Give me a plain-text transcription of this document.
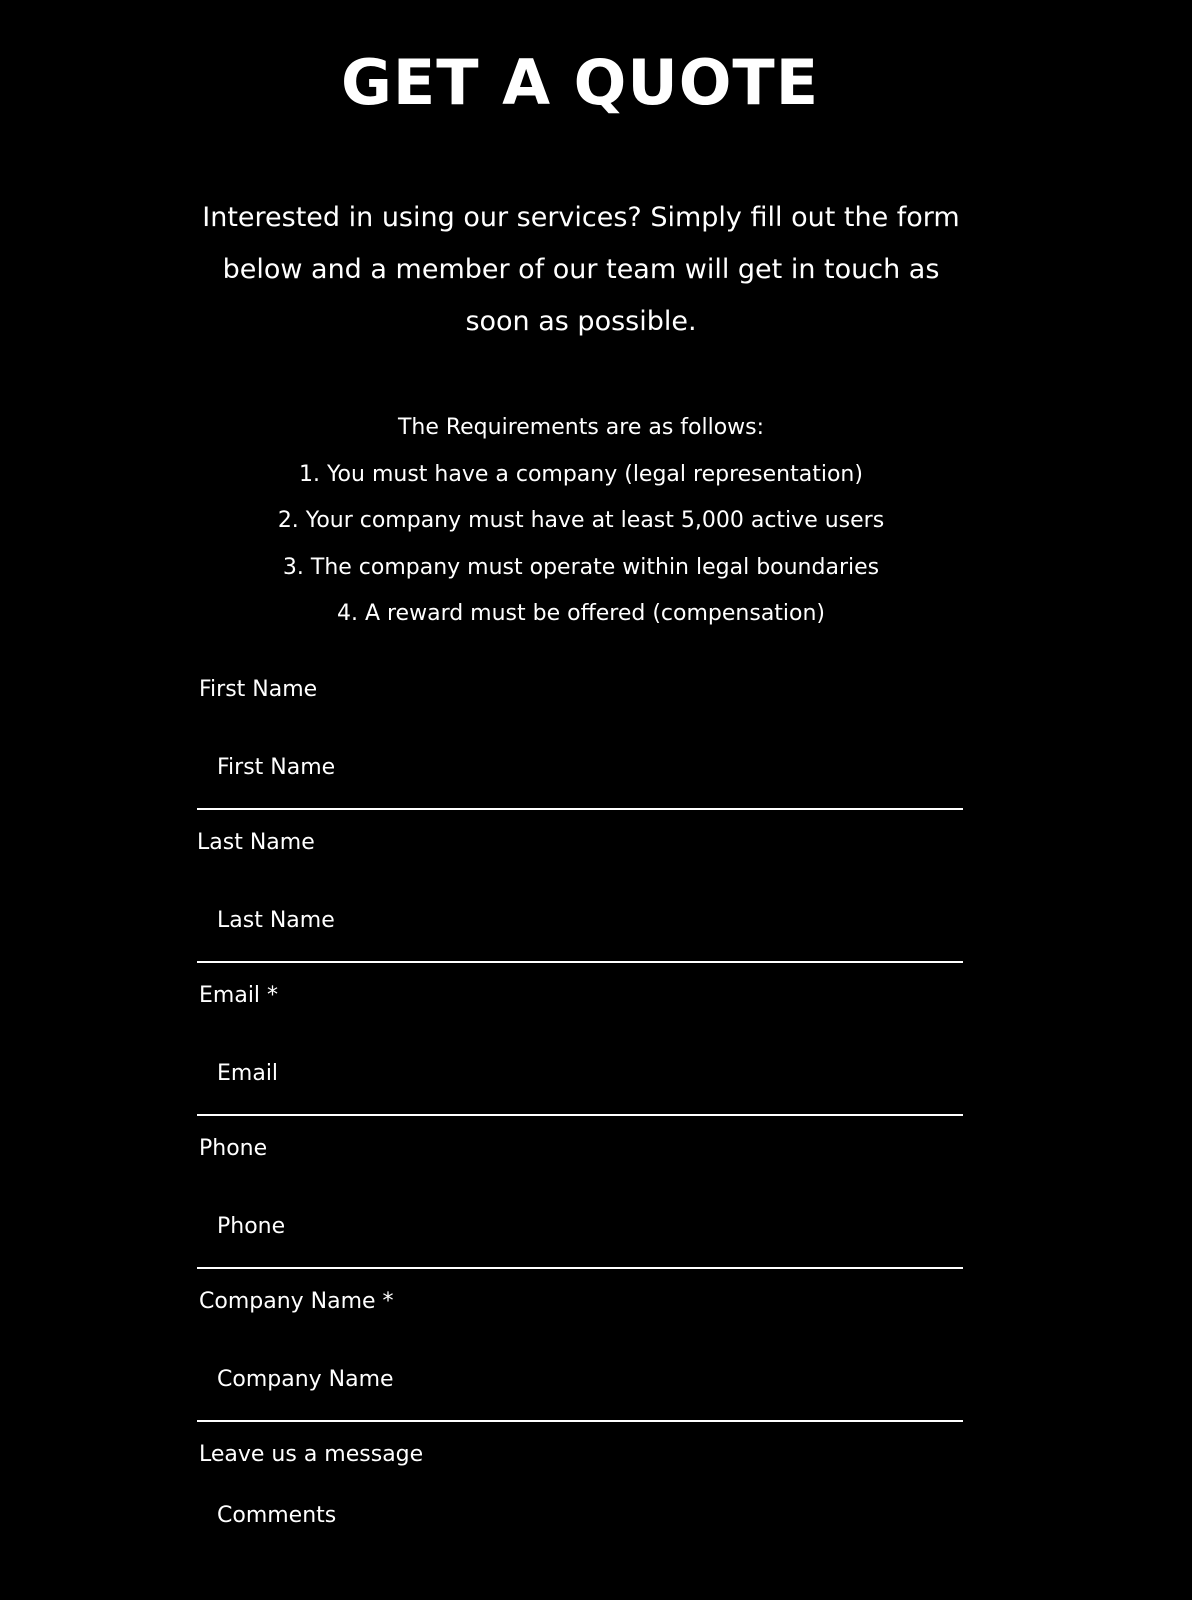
GET A QUOTE

Interested in using our services? Simply fill out the form below and a member of our team will get in touch as soon as possible.

The Requirements are as follows:
1. You must have a company (legal representation)
2. Your company must have at least 5,000 active users
3. The company must operate within legal boundaries
4. A reward must be offered (compensation)
First Name
First Name
Last Name
Last Name
Email *
Email
Phone
Phone
Company Name *
Company Name
Leave us a message
Comments
